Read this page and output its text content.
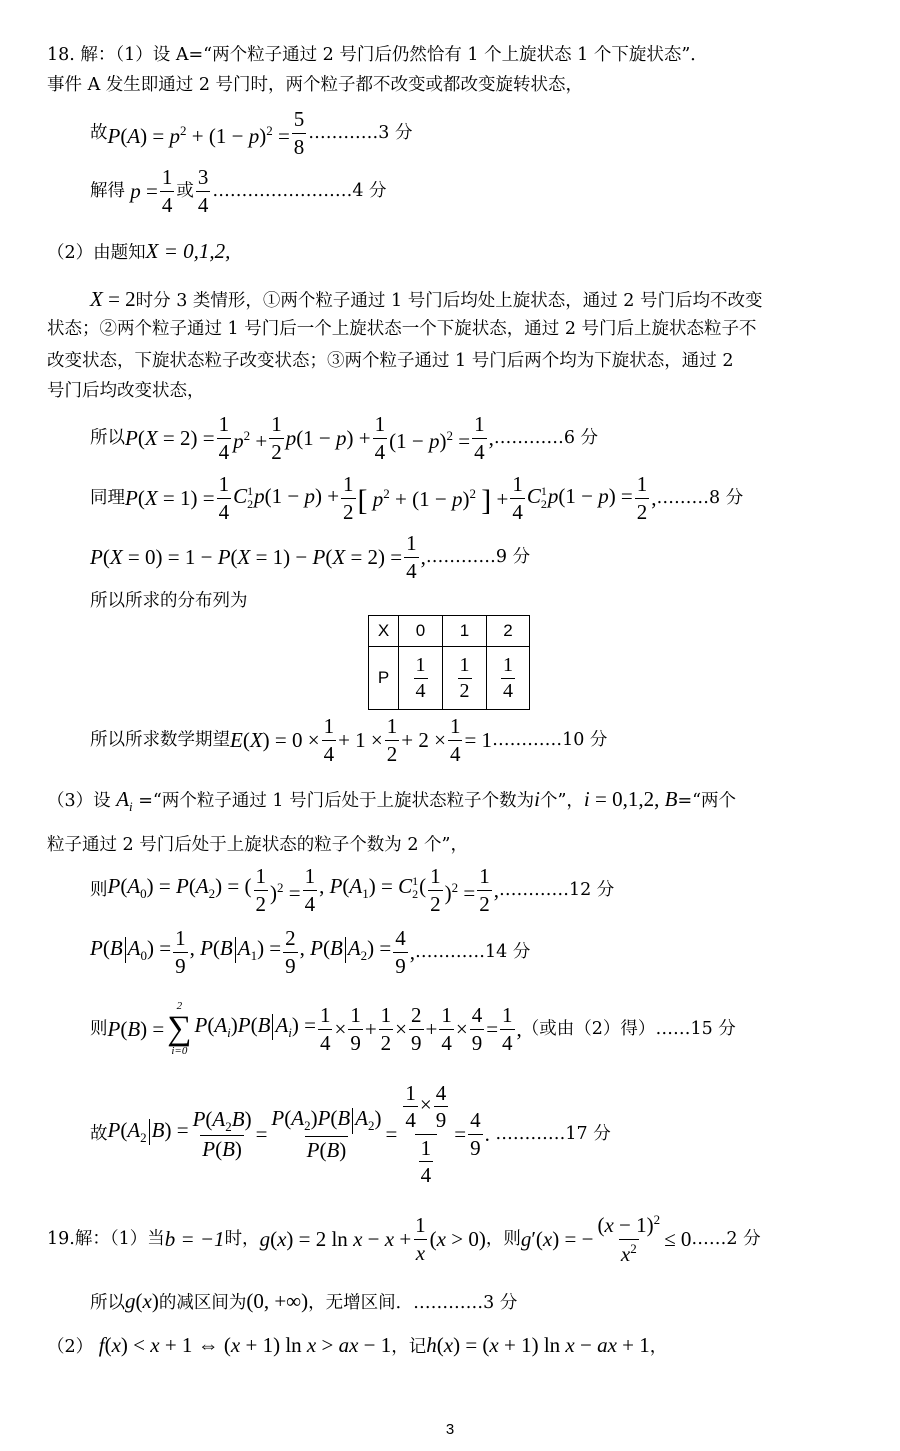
18. 解：（1）设 A=“两个粒子通过 2 号门后仍然恰有 1 个上旋状态 1 个下旋状态”．
事件 A 发生即通过 2 号门时，两个粒子都不改变或都改变旋转状态，
故 $P(A) = p^2 + (1 - p)^2 = \frac{5}{8}$ …………3 分
解得 $p = \frac{1}{4}$ 或 $\frac{3}{4}$ ……………………4 分
（2）由题知X = 0,1,2,
X = 2时分 3 类情形，①两个粒子通过 1 号门后均处上旋状态，通过 2 号门后均不改变
状态；②两个粒子通过 1 号门后一个上旋状态一个下旋状态，通过 2 号门后上旋状态粒子不
改变状态，下旋状态粒子改变状态；③两个粒子通过 1 号门后两个均为下旋状态，通过 2
号门后均改变状态，
所以 $P(X = 2) = \frac{1}{4} p^2 + \frac{1}{2} p(1 - p) + \frac{1}{4} (1 - p)^2 = \frac{1}{4}$ , …………6 分
同理 $P(X = 1) = \frac{1}{4}$ C 1
2 $p(1 - p) + \frac{1}{2}$ [ $p^2 + (1 - p)^2$ ] + $\frac{1}{4}$ C 1
2 $p(1 - p) = \frac{1}{2}$ , ………8 分
$P(X = 0) = 1 - P(X = 1) - P(X = 2) = \frac{1}{4}$ , …………9 分
所以所求的分布列为
X	0	1	2
P	$\frac{1}{4}$	$\frac{1}{2}$	$\frac{1}{4}$
所以所求数学期望 $E(X) = 0 \times \frac{1}{4} + 1 \times \frac{1}{2} + 2 \times \frac{1}{4} = 1$ …………10 分
（3）设 $A_i$ =“两个粒子通过 1 号门后处于上旋状态粒子个数为i个”，i = 0,1,2, B=“两个
粒子通过 2 号门后处于上旋状态的粒子个数为 2 个”，
则 $P(A_0) = P(A_2)$ = ( $\frac{1}{2} )^2 = \frac{1}{4}$ , $P(A_1) = C$ 1
2 ( $\frac{1}{2} )^2 = \frac{1}{2}$ , …………12 分
P(B $A_0) = \frac{1}{9}$ , P(B $A_1) = \frac{2}{9}$ , P(B $A_2) = \frac{4}{9}$ , …………14 分
则 P(B) =
2
∑
i=0
$P(A_i)P(B$ $A_i) = \frac{1}{4} \times \frac{1}{9} + \frac{1}{2} \times \frac{2}{9} + \frac{1}{4} \times \frac{4}{9} = \frac{1}{4}$ , （或由（2）得） ……15 分
故 $P(A_2$ $B) = \frac{P(A_2B)}{P(B)} = \frac{P(A_2)P(B A_2)}{P(B)} = \frac{\frac{1}{4} \times \frac{4}{9}}{\frac{1}{4}} = \frac{4}{9}$ .
…………17 分
19.解：（1）当 b = −1 时， g(x) = 2 $\ln x - x + \frac{1}{x} (x > 0)$ ，则 g′(x) = − $\frac{(x - 1)^2}{x^2} \le 0$ ……2 分
所以g(x)的减区间为(0, +∞)，无增区间．…………3 分
（2） f(x) < x + 1 ⇔ (x + 1) ln x > ax − 1，记h(x) = (x + 1) ln x − ax + 1，
3
